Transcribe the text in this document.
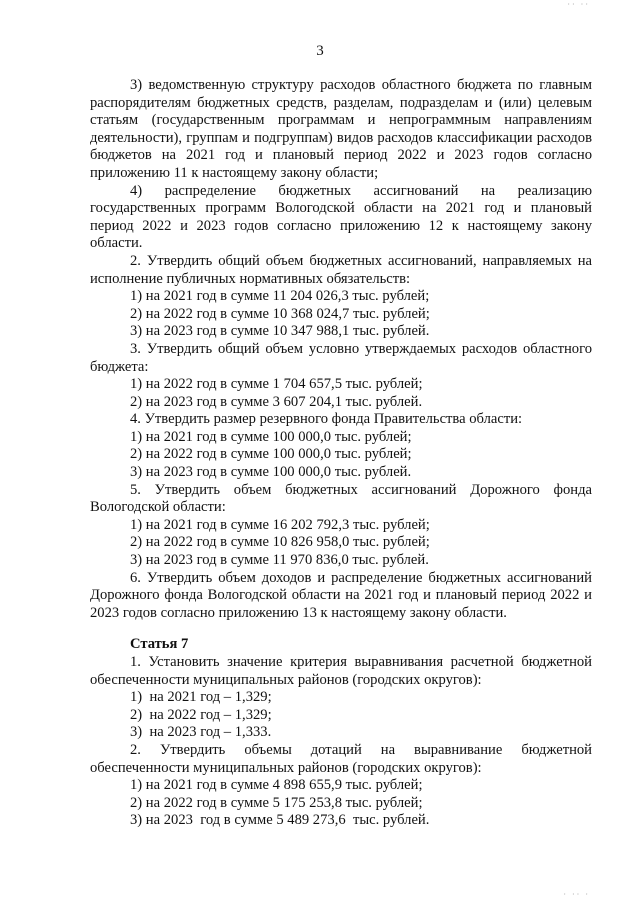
·· ··
3

3) ведомственную структуру расходов областного бюджета по главным распорядителям бюджетных средств, разделам, подразделам и (или) целевым статьям (государственным программам и непрограммным направлениям деятельности), группам и подгруппам) видов расходов классификации расходов бюджетов на 2021 год и плановый период 2022 и 2023 годов согласно приложению 11 к настоящему закону области;

4) распределение бюджетных ассигнований на реализацию государственных программ Вологодской области на 2021 год и плановый период 2022 и 2023 годов согласно приложению 12 к настоящему закону области.

2. Утвердить общий объем бюджетных ассигнований, направляемых на исполнение публичных нормативных обязательств:

1) на 2021 год в сумме 11 204 026,3 тыс. рублей;

2) на 2022 год в сумме 10 368 024,7 тыс. рублей;

3) на 2023 год в сумме 10 347 988,1 тыс. рублей.

3. Утвердить общий объем условно утверждаемых расходов областного бюджета:

1) на 2022 год в сумме 1 704 657,5 тыс. рублей;

2) на 2023 год в сумме 3 607 204,1 тыс. рублей.

4. Утвердить размер резервного фонда Правительства области:

1) на 2021 год в сумме 100 000,0 тыс. рублей;

2) на 2022 год в сумме 100 000,0 тыс. рублей;

3) на 2023 год в сумме 100 000,0 тыс. рублей.

5. Утвердить объем бюджетных ассигнований Дорожного фонда Вологодской области:

1) на 2021 год в сумме 16 202 792,3 тыс. рублей;

2) на 2022 год в сумме 10 826 958,0 тыс. рублей;

3) на 2023 год в сумме 11 970 836,0 тыс. рублей.

6. Утвердить объем доходов и распределение бюджетных ассигнований Дорожного фонда Вологодской области на 2021 год и плановый период 2022 и 2023 годов согласно приложению 13 к настоящему закону области.

Статья 7

1. Установить значение критерия выравнивания расчетной бюджетной обеспеченности муниципальных районов (городских округов):

1)  на 2021 год – 1,329;

2)  на 2022 год – 1,329;

3)  на 2023 год – 1,333.

2. Утвердить объемы дотаций на выравнивание бюджетной обеспеченности муниципальных районов (городских округов):

1) на 2021 год в сумме 4 898 655,9 тыс. рублей;

2) на 2022 год в сумме 5 175 253,8 тыс. рублей;

3) на 2023  год в сумме 5 489 273,6  тыс. рублей.

· ·· ·
